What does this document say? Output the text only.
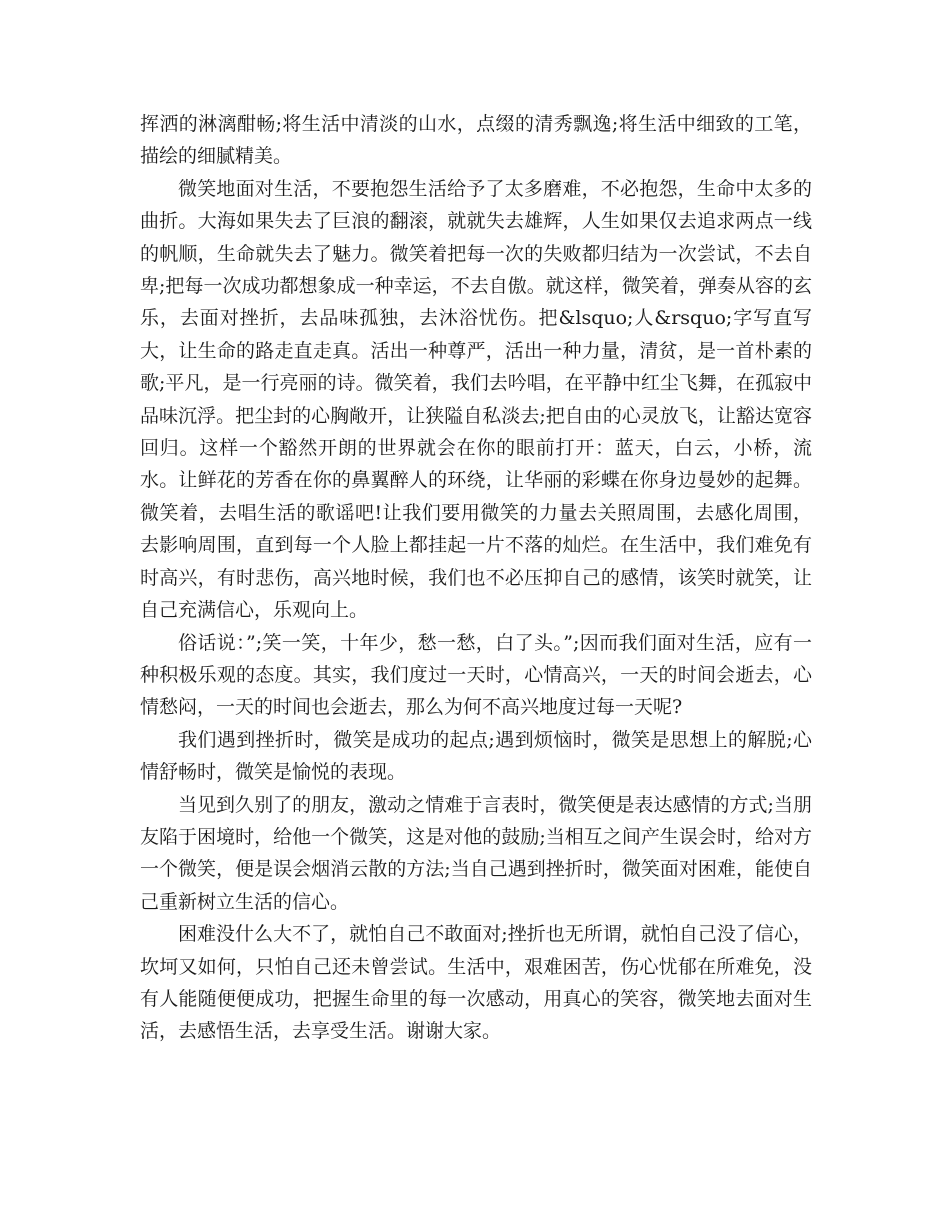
挥洒的淋漓酣畅;将生活中清淡的山水，点缀的清秀飘逸;将生活中细致的工笔，描绘的细腻精美。

微笑地面对生活，不要抱怨生活给予了太多磨难，不必抱怨，生命中太多的曲折。大海如果失去了巨浪的翻滚，就就失去雄辉，人生如果仅去追求两点一线的帆顺，生命就失去了魅力。微笑着把每一次的失败都归结为一次尝试，不去自卑;把每一次成功都想象成一种幸运，不去自傲。就这样，微笑着，弹奏从容的玄乐，去面对挫折，去品味孤独，去沐浴忧伤。把&lsquo;人&rsquo;字写直写大，让生命的路走直走真。活出一种尊严，活出一种力量，清贫，是一首朴素的歌;平凡，是一行亮丽的诗。微笑着，我们去吟唱，在平静中红尘飞舞，在孤寂中品味沉浮。把尘封的心胸敞开，让狭隘自私淡去;把自由的心灵放飞，让豁达宽容回归。这样一个豁然开朗的世界就会在你的眼前打开：蓝天，白云，小桥，流水。让鲜花的芳香在你的鼻翼醉人的环绕，让华丽的彩蝶在你身边曼妙的起舞。微笑着，去唱生活的歌谣吧!让我们要用微笑的力量去关照周围，去感化周围，去影响周围，直到每一个人脸上都挂起一片不落的灿烂。在生活中，我们难免有时高兴，有时悲伤，高兴地时候，我们也不必压抑自己的感情，该笑时就笑，让自己充满信心，乐观向上。

俗话说：”;笑一笑，十年少，愁一愁，白了头。”;因而我们面对生活，应有一种积极乐观的态度。其实，我们度过一天时，心情高兴，一天的时间会逝去，心情愁闷，一天的时间也会逝去，那么为何不高兴地度过每一天呢?

我们遇到挫折时，微笑是成功的起点;遇到烦恼时，微笑是思想上的解脱;心情舒畅时，微笑是愉悦的表现。

当见到久别了的朋友，激动之情难于言表时，微笑便是表达感情的方式;当朋友陷于困境时，给他一个微笑，这是对他的鼓励;当相互之间产生误会时，给对方一个微笑，便是误会烟消云散的方法;当自己遇到挫折时，微笑面对困难，能使自己重新树立生活的信心。

困难没什么大不了，就怕自己不敢面对;挫折也无所谓，就怕自己没了信心，坎坷又如何，只怕自己还未曾尝试。生活中，艰难困苦，伤心忧郁在所难免，没有人能随便便成功，把握生命里的每一次感动，用真心的笑容，微笑地去面对生活，去感悟生活，去享受生活。谢谢大家。
